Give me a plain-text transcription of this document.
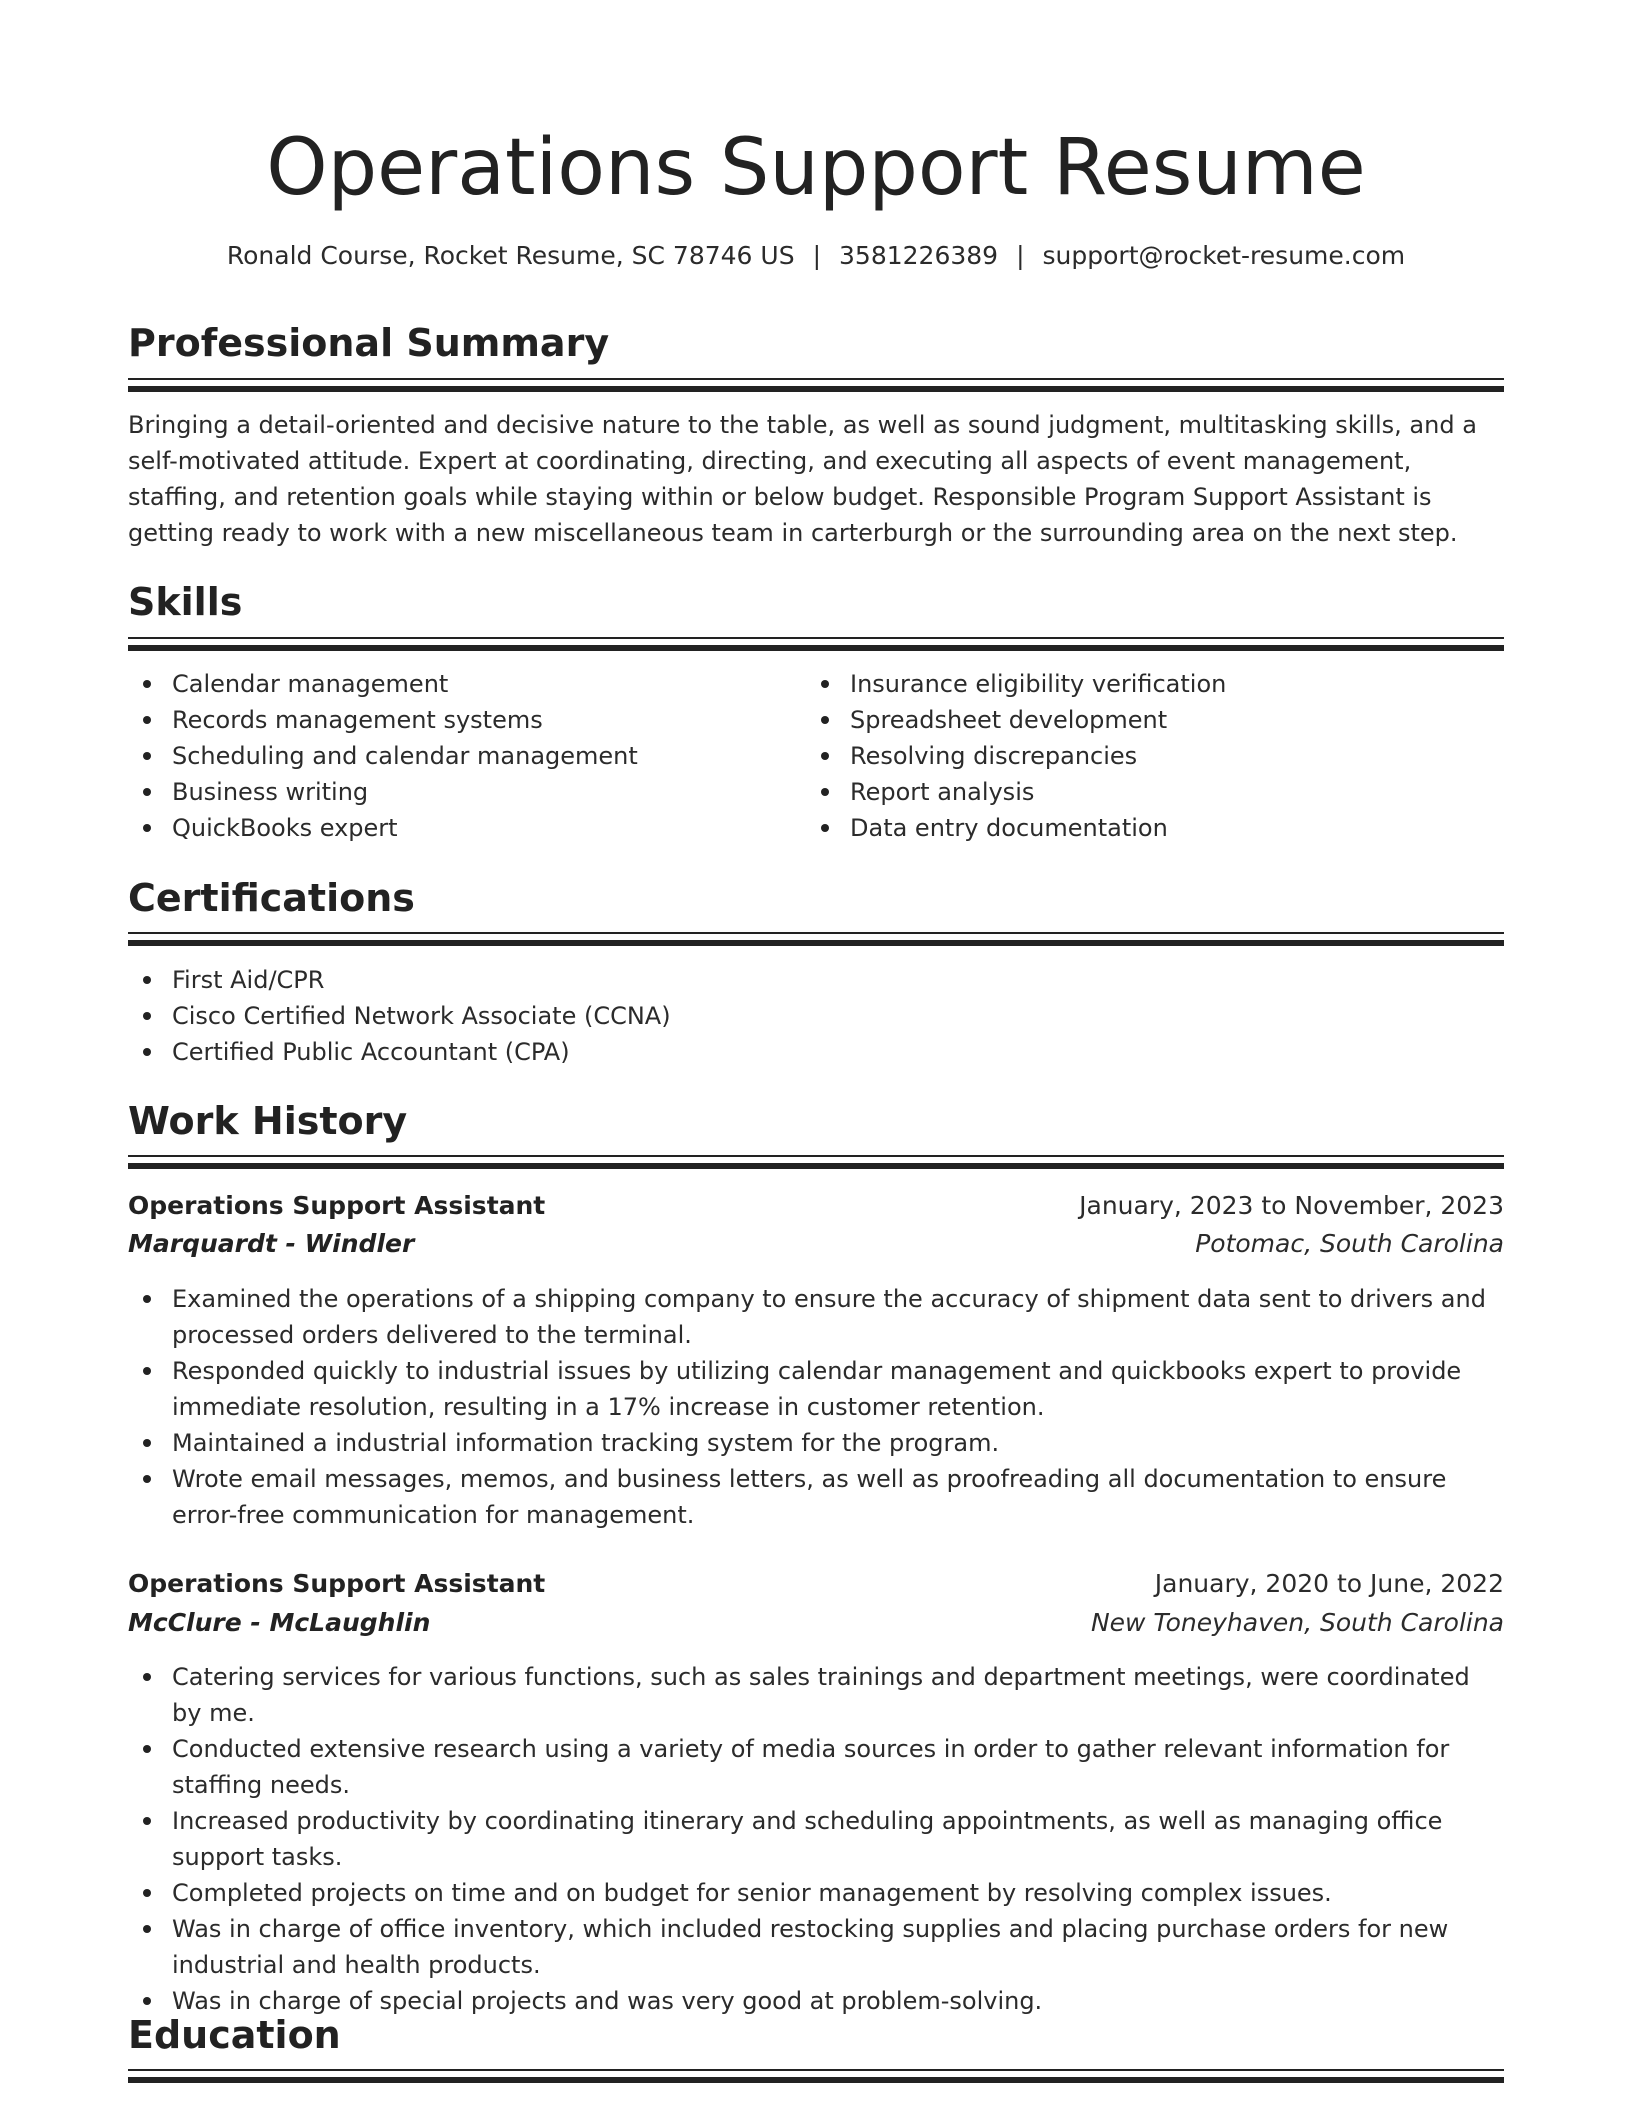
Operations Support Resume
Ronald Course, Rocket Resume, SC 78746 US | 3581226389 | support@rocket-resume.com
Professional Summary

Bringing a detail-oriented and decisive nature to the table, as well as sound judgment, multitasking skills, and a self-motivated attitude. Expert at coordinating, directing, and executing all aspects of event management, staffing, and retention goals while staying within or below budget. Responsible Program Support Assistant is getting ready to work with a new miscellaneous team in carterburgh or the surrounding area on the next step.

Skills
Calendar management
Records management systems
Scheduling and calendar management
Business writing
QuickBooks expert
Insurance eligibility verification
Spreadsheet development
Resolving discrepancies
Report analysis
Data entry documentation
Certifications
First Aid/CPR
Cisco Certified Network Associate (CCNA)
Certified Public Accountant (CPA)
Work History
Operations Support Assistant	January, 2023 to November, 2023
Marquardt - Windler	Potomac, South Carolina
Examined the operations of a shipping company to ensure the accuracy of shipment data sent to drivers and processed orders delivered to the terminal.
Responded quickly to industrial issues by utilizing calendar management and quickbooks expert to provide immediate resolution, resulting in a 17% increase in customer retention.
Maintained a industrial information tracking system for the program.
Wrote email messages, memos, and business letters, as well as proofreading all documentation to ensure error-free communication for management.
Operations Support Assistant	January, 2020 to June, 2022
McClure - McLaughlin	New Toneyhaven, South Carolina
Catering services for various functions, such as sales trainings and department meetings, were coordinated by me.
Conducted extensive research using a variety of media sources in order to gather relevant information for staffing needs.
Increased productivity by coordinating itinerary and scheduling appointments, as well as managing office support tasks.
Completed projects on time and on budget for senior management by resolving complex issues.
Was in charge of office inventory, which included restocking supplies and placing purchase orders for new industrial and health products.
Was in charge of special projects and was very good at problem-solving.
Education
